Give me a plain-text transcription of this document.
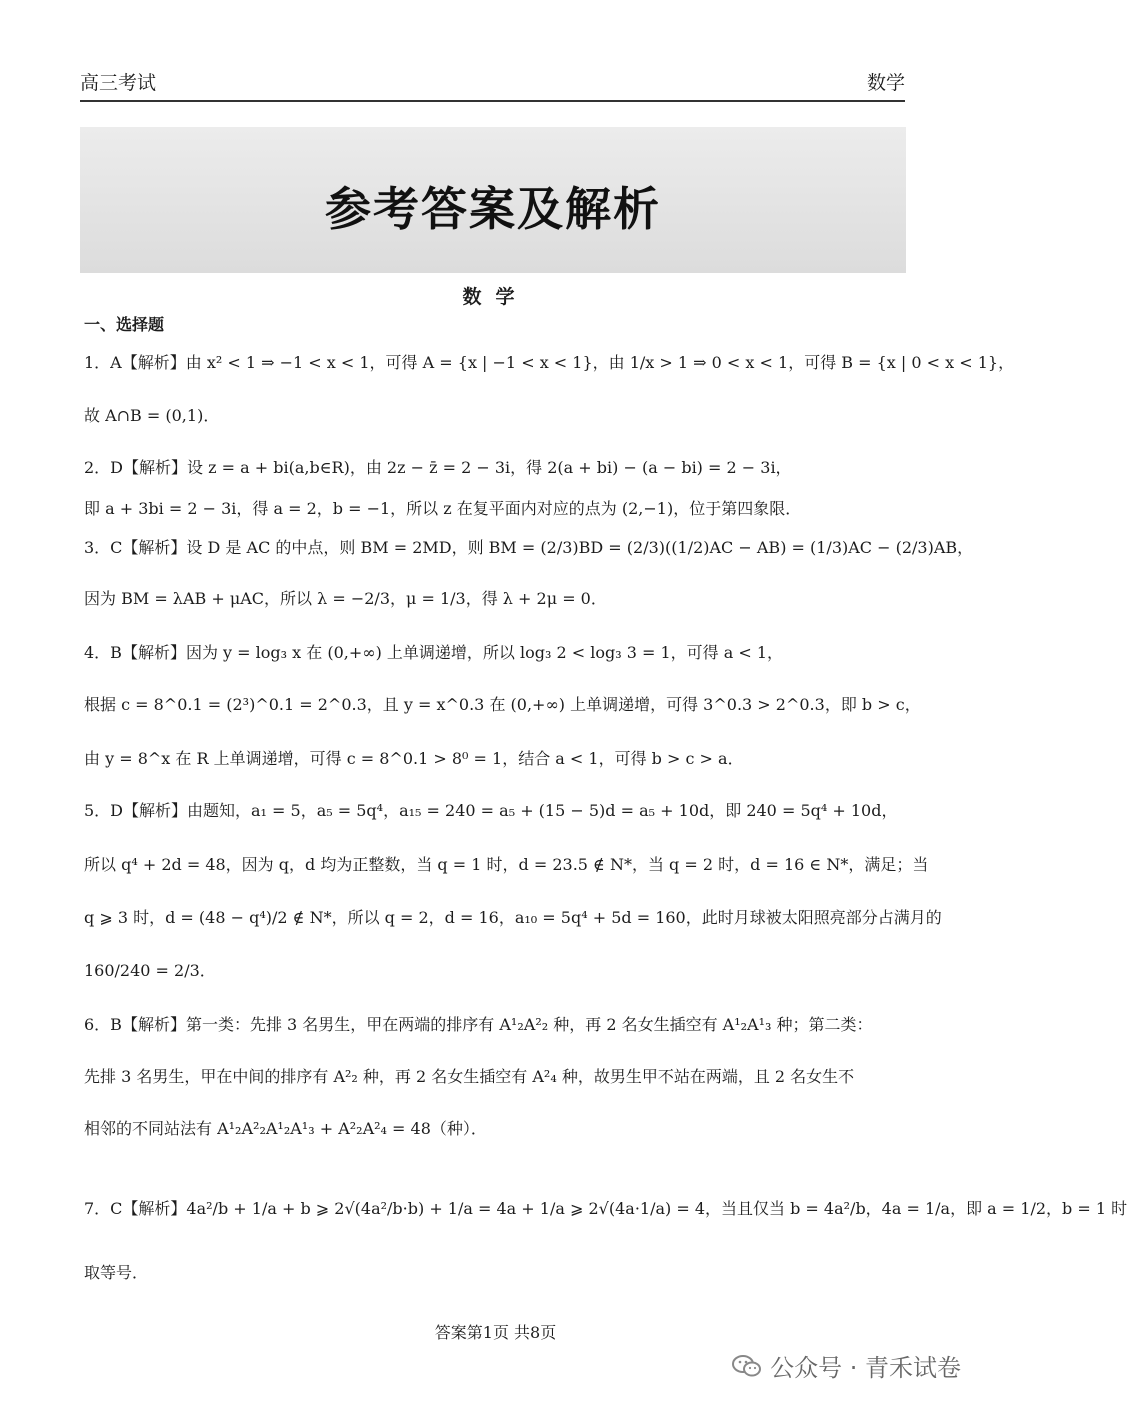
高三考试	数学
参考答案及解析
数学
一、选择题
1．A【解析】由 x² < 1 ⇒ −1 < x < 1，可得 A = {x | −1 < x < 1}，由 1/x > 1 ⇒ 0 < x < 1，可得 B = {x | 0 < x < 1}，
故 A∩B = (0,1)．
2．D【解析】设 z = a + bi(a,b∈R)，由 2z − z̄ = 2 − 3i，得 2(a + bi) − (a − bi) = 2 − 3i，
即 a + 3bi = 2 − 3i，得 a = 2，b = −1，所以 z 在复平面内对应的点为 (2,−1)，位于第四象限．
3．C【解析】设 D 是 AC 的中点，则 BM = 2MD，则 BM = (2/3)BD = (2/3)((1/2)AC − AB) = (1/3)AC − (2/3)AB，
因为 BM = λAB + μAC，所以 λ = −2/3，μ = 1/3，得 λ + 2μ = 0．
4．B【解析】因为 y = log₃ x 在 (0,+∞) 上单调递增，所以 log₃ 2 < log₃ 3 = 1，可得 a < 1，
根据 c = 8^0.1 = (2³)^0.1 = 2^0.3，且 y = x^0.3 在 (0,+∞) 上单调递增，可得 3^0.3 > 2^0.3，即 b > c，
由 y = 8^x 在 R 上单调递增，可得 c = 8^0.1 > 8⁰ = 1，结合 a < 1，可得 b > c > a．
5．D【解析】由题知，a₁ = 5，a₅ = 5q⁴，a₁₅ = 240 = a₅ + (15 − 5)d = a₅ + 10d，即 240 = 5q⁴ + 10d，
所以 q⁴ + 2d = 48，因为 q，d 均为正整数，当 q = 1 时，d = 23.5 ∉ N*，当 q = 2 时，d = 16 ∈ N*，满足；当
q ⩾ 3 时，d = (48 − q⁴)/2 ∉ N*，所以 q = 2，d = 16，a₁₀ = 5q⁴ + 5d = 160，此时月球被太阳照亮部分占满月的
160/240 = 2/3．
6．B【解析】第一类：先排 3 名男生，甲在两端的排序有 A¹₂A²₂ 种，再 2 名女生插空有 A¹₂A¹₃ 种；第二类：
先排 3 名男生，甲在中间的排序有 A²₂ 种，再 2 名女生插空有 A²₄ 种，故男生甲不站在两端，且 2 名女生不
相邻的不同站法有 A¹₂A²₂A¹₂A¹₃ + A²₂A²₄ = 48（种）．
7．C【解析】4a²/b + 1/a + b ⩾ 2√(4a²/b·b) + 1/a = 4a + 1/a ⩾ 2√(4a·1/a) = 4，当且仅当 b = 4a²/b，4a = 1/a，即 a = 1/2，b = 1 时
取等号．
答案第1页 共8页
公众号 · 青禾试卷
